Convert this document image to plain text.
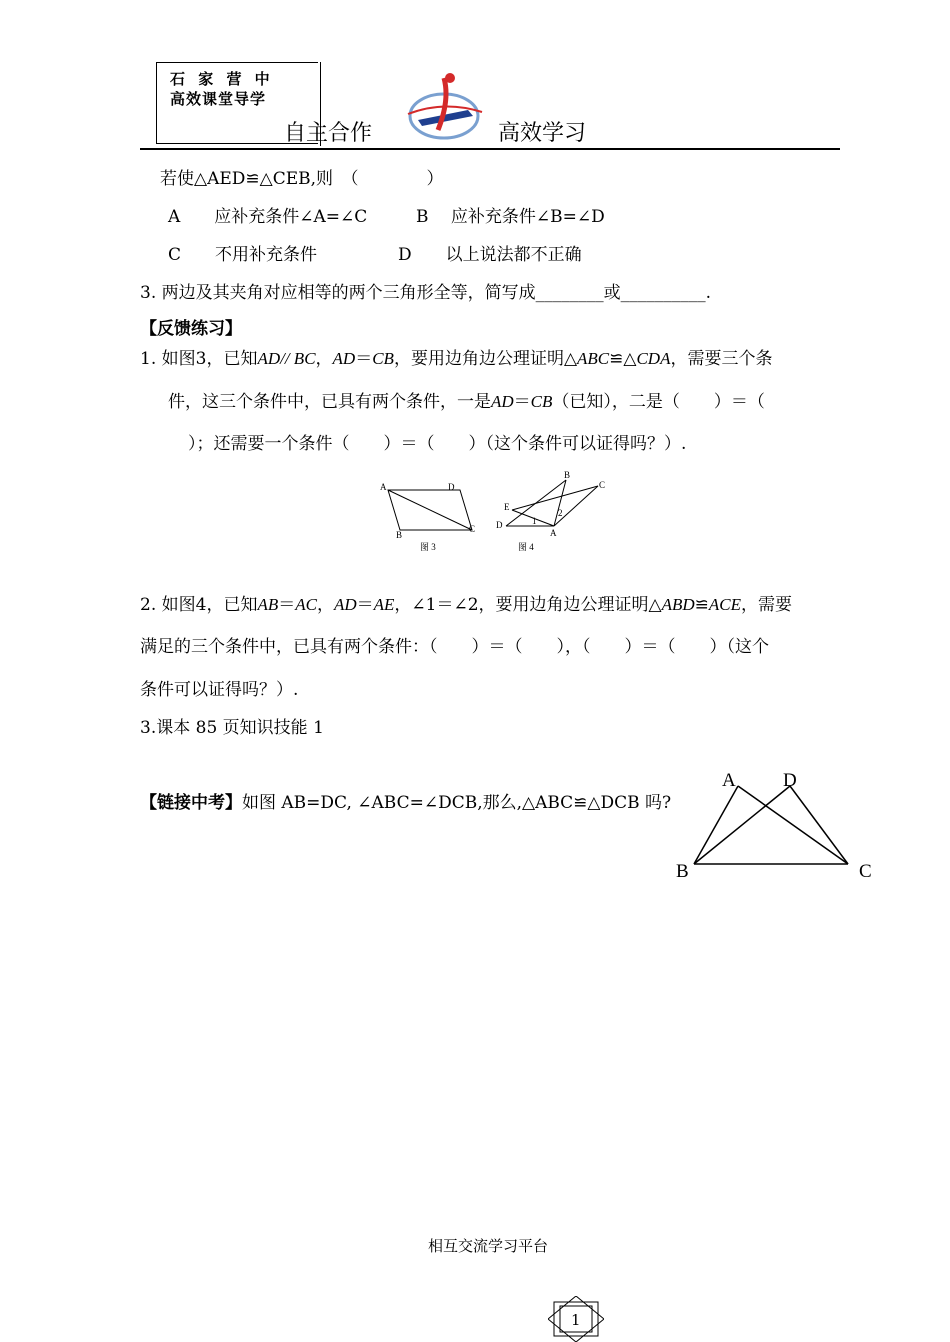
石 家 营 中
高效课堂导学
自主合作	高效学习
若使△AED≌△CEB,则　（　　　　）
A　　应补充条件∠A=∠C	B　 应补充条件∠B=∠D
C　　不用补充条件	D　　以上说法都不正确
3. 两边及其夹角对应相等的两个三角形全等，简写成________或__________.
【反馈练习】
1. 如图3，已知AD// BC，AD＝CB，要用边角边公理证明△ABC≌△CDA，需要三个条
件，这三个条件中，已具有两个条件，一是AD＝CB（已知），二是（　　）＝（
）；还需要一个条件（　　）＝（　　）（这个条件可以证得吗？）.
A	D
B
C
图 3
B
C
E
D
A
1
2
图 4
2. 如图4，已知AB＝AC，AD＝AE，∠1＝∠2，要用边角边公理证明△ABD≌ACE，需要
满足的三个条件中，已具有两个条件：（　　）＝（　　），（　　）＝（　　）（这个
条件可以证得吗？）.
3.课本 85 页知识技能 1
【链接中考】如图 AB=DC, ∠ABC=∠DCB,那么,△ABC≌△DCB 吗?
A D
B	C
相互交流学习平台
1
